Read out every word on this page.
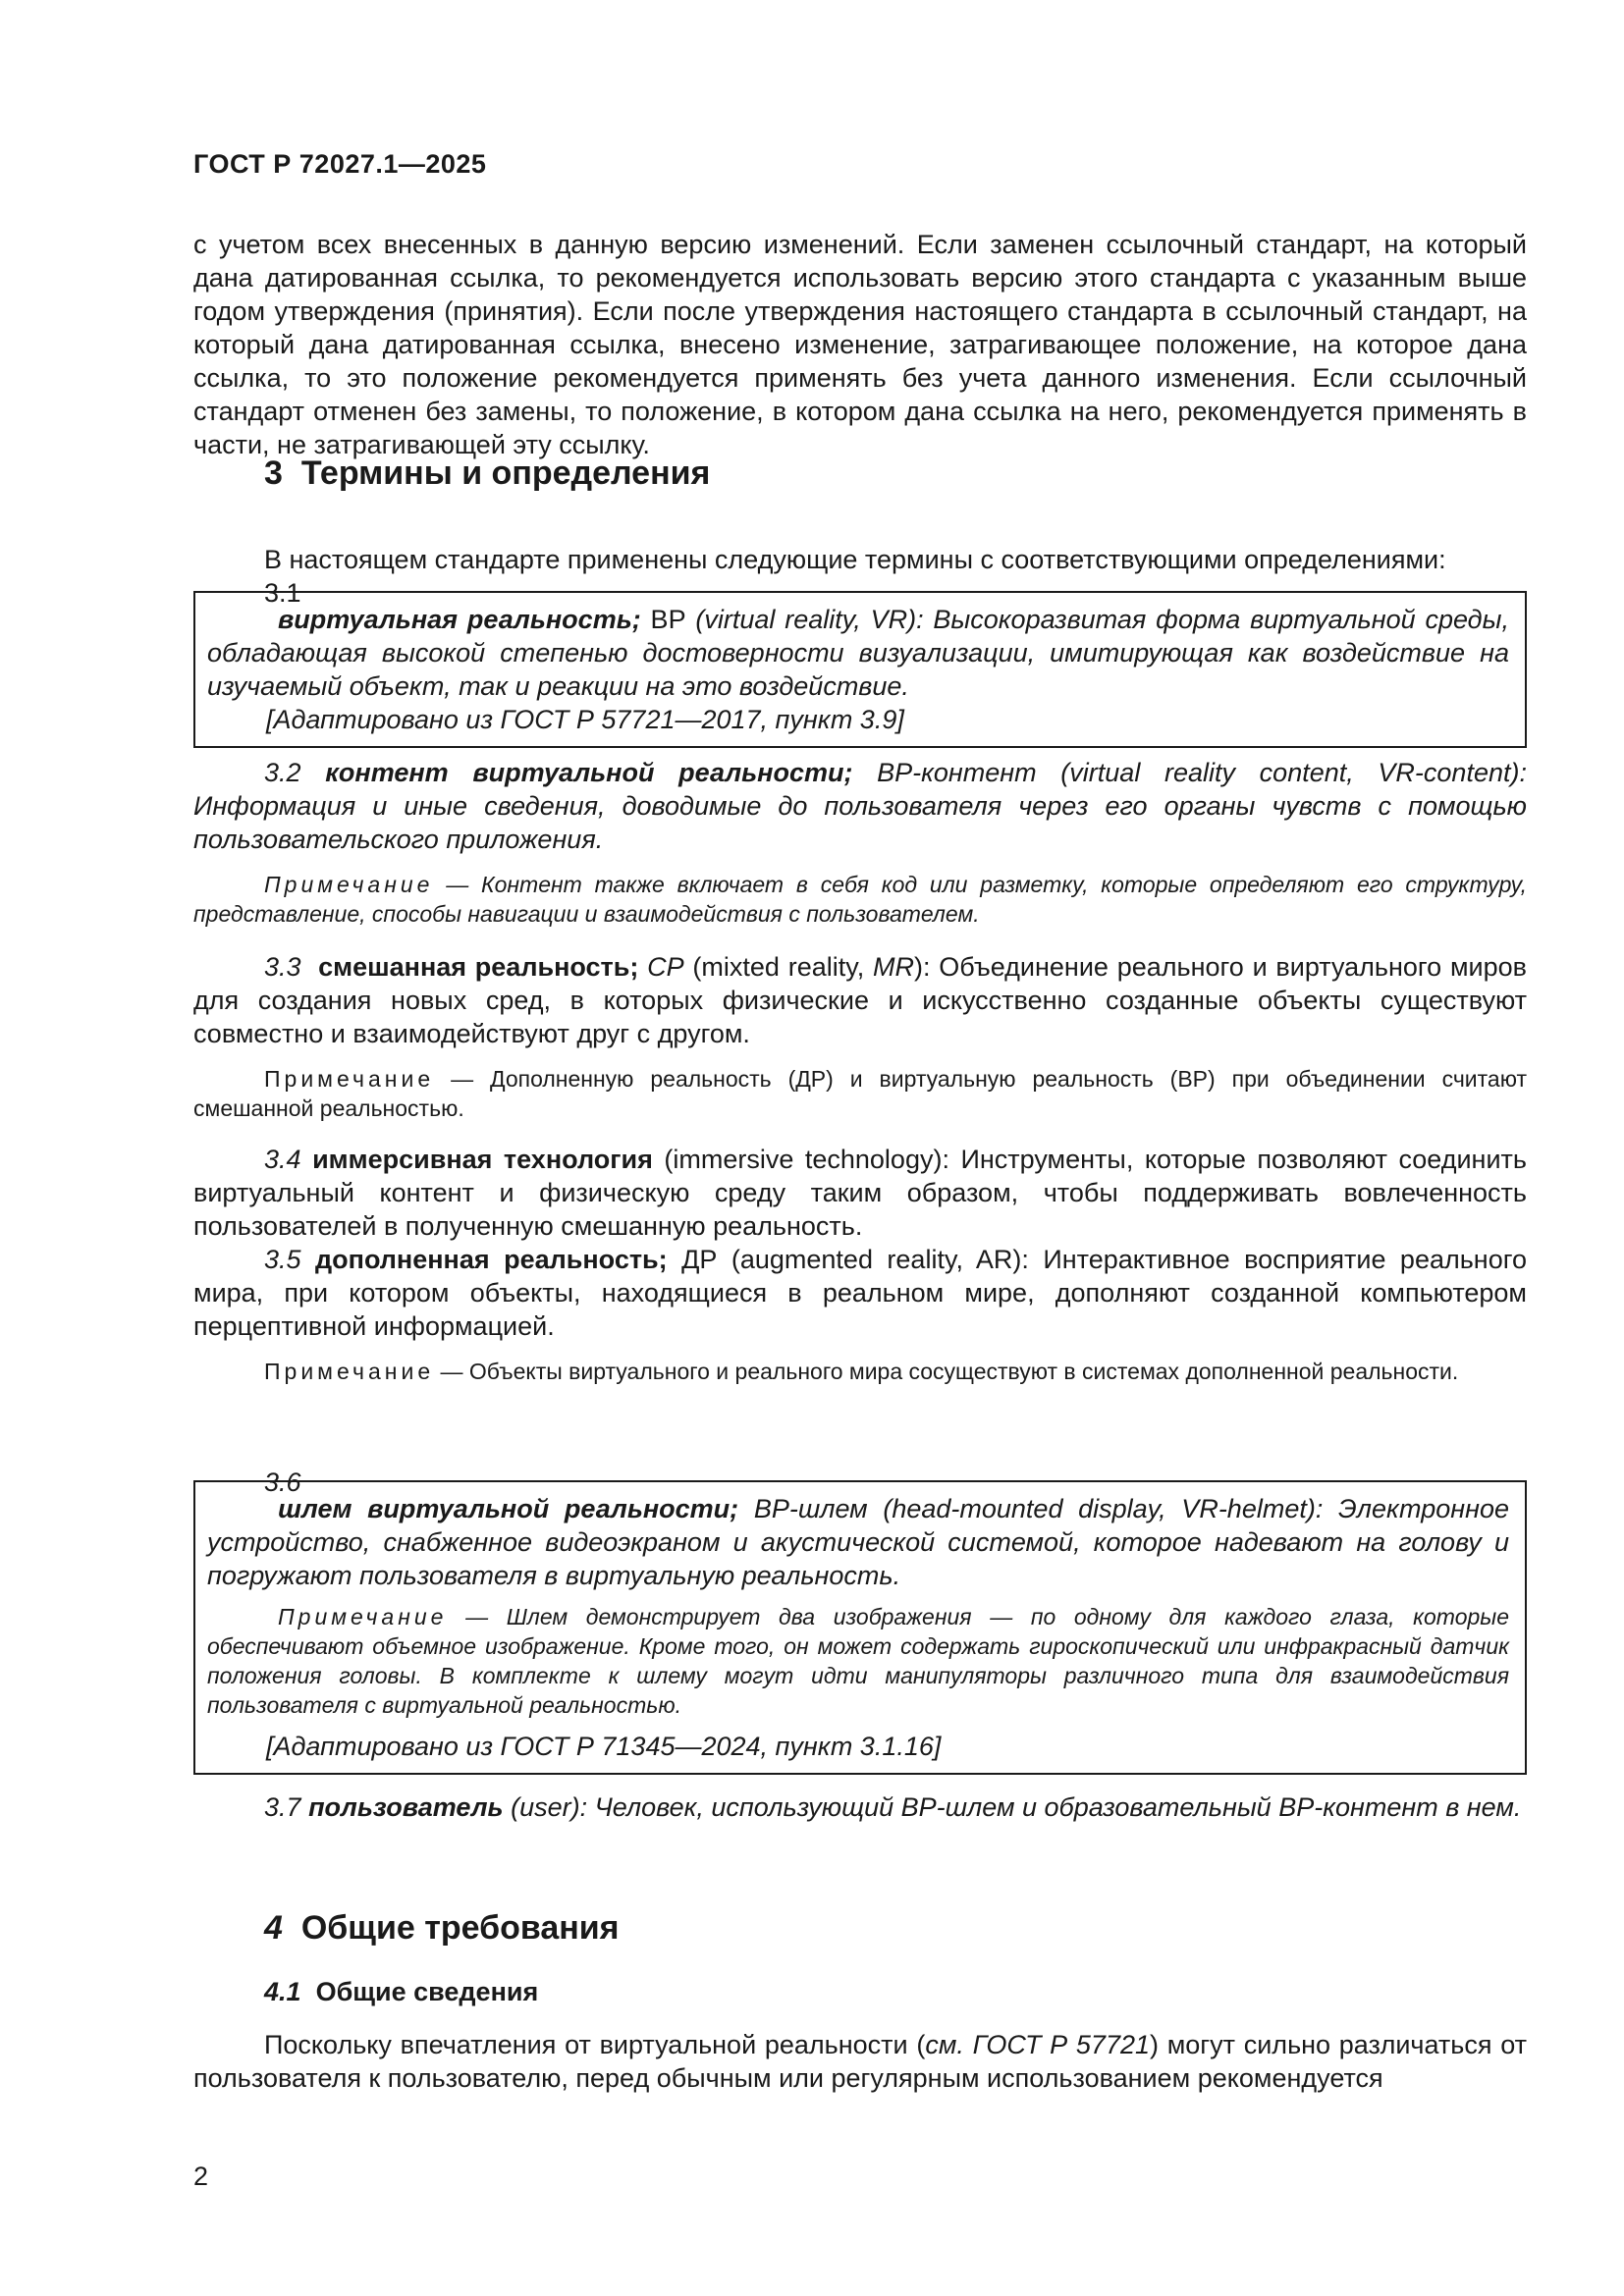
ГОСТ Р 72027.1—2025

с учетом всех внесенных в данную версию изменений. Если заменен ссылочный стандарт, на который дана датированная ссылка, то рекомендуется использовать версию этого стандарта с указанным выше годом утверждения (принятия). Если после утверждения настоящего стандарта в ссылочный стандарт, на который дана датированная ссылка, внесено изменение, затрагивающее положение, на которое дана ссылка, то это положение рекомендуется применять без учета данного изменения. Если ссылочный стандарт отменен без замены, то положение, в котором дана ссылка на него, рекомендуется применять в части, не затрагивающей эту ссылку.

3 Термины и определения

В настоящем стандарте применены следующие термины с соответствующими определениями:

3.1

виртуальная реальность; ВР (virtual reality, VR): Высокоразвитая форма виртуальной среды, обладающая высокой степенью достоверности визуализации, имитирующая как воздействие на изучаемый объект, так и реакции на это воздействие.

[Адаптировано из ГОСТ Р 57721—2017, пункт 3.9]

3.2 контент виртуальной реальности; ВР-контент (virtual reality content, VR-content): Информация и иные сведения, доводимые до пользователя через его органы чувств с помощью пользовательского приложения.

Примечание — Контент также включает в себя код или разметку, которые определяют его структуру, представление, способы навигации и взаимодействия с пользователем.

3.3 смешанная реальность; СР (mixted reality, MR): Объединение реального и виртуального миров для создания новых сред, в которых физические и искусственно созданные объекты существуют совместно и взаимодействуют друг с другом.

Примечание — Дополненную реальность (ДР) и виртуальную реальность (ВР) при объединении считают смешанной реальностью.

3.4 иммерсивная технология (immersive technology): Инструменты, которые позволяют соединить виртуальный контент и физическую среду таким образом, чтобы поддерживать вовлеченность пользователей в полученную смешанную реальность.

3.5 дополненная реальность; ДР (augmented reality, AR): Интерактивное восприятие реального мира, при котором объекты, находящиеся в реальном мире, дополняют созданной компьютером перцептивной информацией.

Примечание — Объекты виртуального и реального мира сосуществуют в системах дополненной реальности.

3.6

шлем виртуальной реальности; ВР-шлем (head-mounted display, VR-helmet): Электронное устройство, снабженное видеоэкраном и акустической системой, которое надевают на голову и погружают пользователя в виртуальную реальность.

Примечание — Шлем демонстрирует два изображения — по одному для каждого глаза, которые обеспечивают объемное изображение. Кроме того, он может содержать гироскопический или инфракрасный датчик положения головы. В комплекте к шлему могут идти манипуляторы различного типа для взаимодействия пользователя с виртуальной реальностью.

[Адаптировано из ГОСТ Р 71345—2024, пункт 3.1.16]

3.7 пользователь (user): Человек, использующий ВР-шлем и образовательный ВР-контент в нем.

4 Общие требования

4.1 Общие сведения

Поскольку впечатления от виртуальной реальности (см. ГОСТ Р 57721) могут сильно различаться от пользователя к пользователю, перед обычным или регулярным использованием рекомендуется

2
